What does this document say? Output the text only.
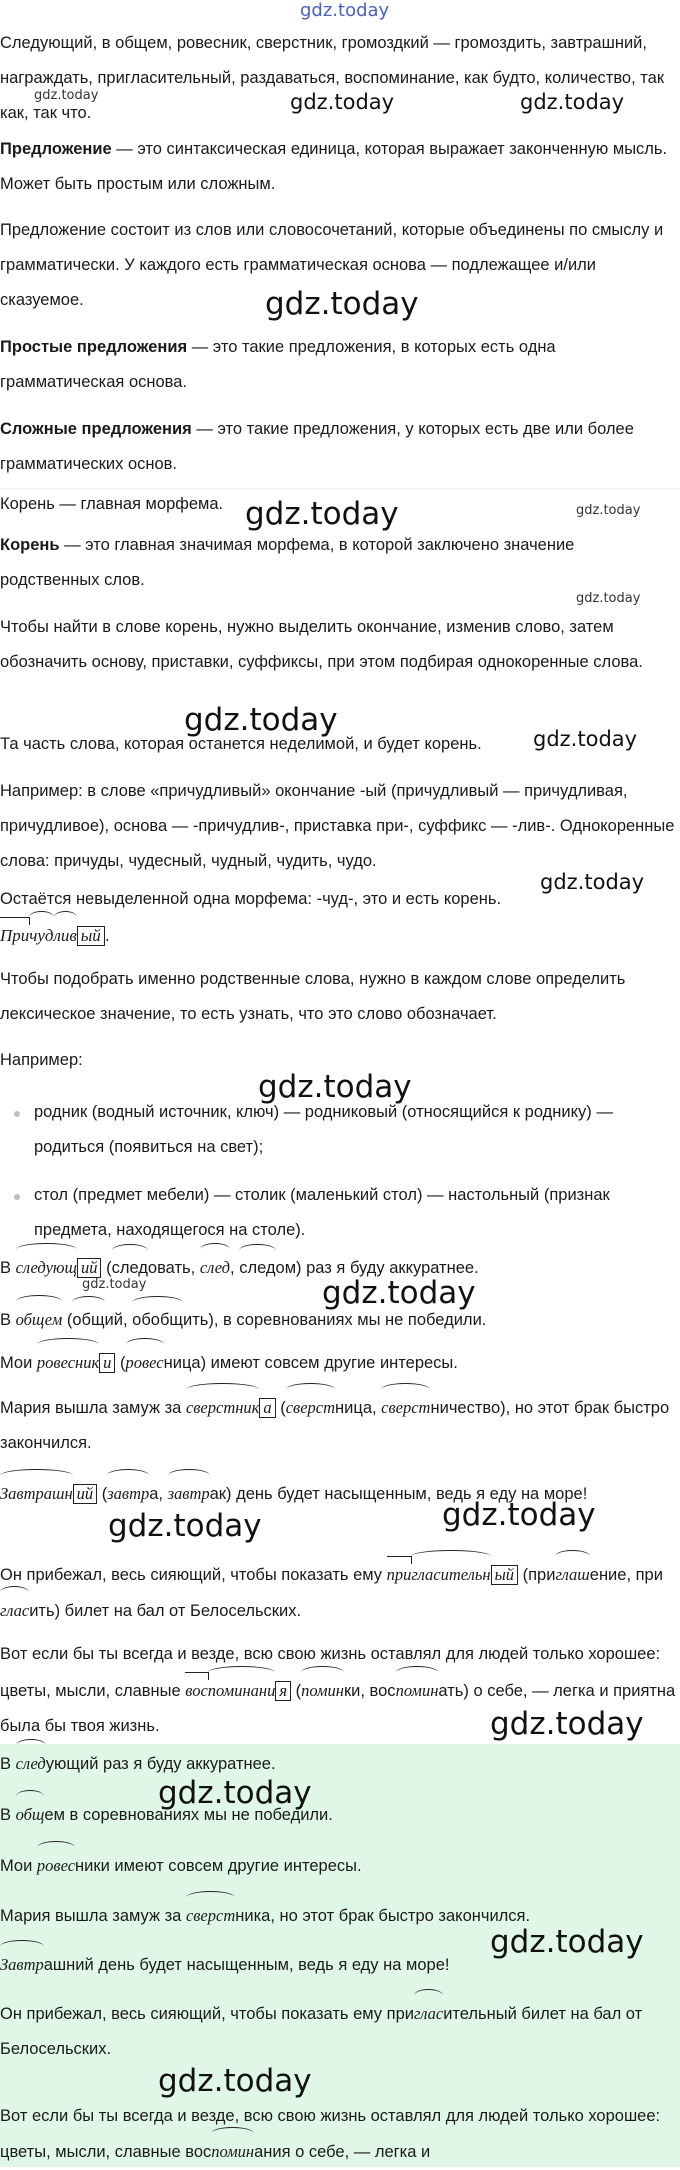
gdz.today

Следующий, в общем, ровесник, сверстник, громоздкий — громоздить, завтрашний, награждать, пригласительный, раздаваться, воспоминание, как будто, количество, так как, так что.

Предложение — это синтаксическая единица, которая выражает законченную мысль. Может быть простым или сложным.

Предложение состоит из слов или словосочетаний, которые объединены по смыслу и грамматически. У каждого есть грамматическая основа — подлежащее и/или сказуемое.

Простые предложения — это такие предложения, в которых есть одна грамматическая основа.

Сложные предложения — это такие предложения, у которых есть две или более грамматических основ.

Корень — главная морфема.

Корень — это главная значимая морфема, в которой заключено значение родственных слов.

Чтобы найти в слове корень, нужно выделить окончание, изменив слово, затем обозначить основу, приставки, суффиксы, при этом подбирая однокоренные слова.

Та часть слова, которая останется неделимой, и будет корень.

Например: в слове «причудливый» окончание -ый (причудливый — причудливая, причудливое), основа — -причудлив-, приставка при-, суффикс — -лив-. Однокоренные слова: причуды, чудесный, чудный, чудить, чудо.

Остаётся невыделенной одна морфема: -чуд-, это и есть корень.

Причудлив ый .

Чтобы подобрать именно родственные слова, нужно в каждом слове определить лексическое значение, то есть узнать, что это слово обозначает.

Например:

родник (водный источник, ключ) — родниковый (относящийся к роднику) — родиться (появиться на свет);

стол (предмет мебели) — столик (маленький стол) — настольный (признак предмета, находящегося на столе).

В следующ ий (следовать, след, следом) раз я буду аккуратнее.

В общем (общий, обобщить), в соревнованиях мы не победили.

Мои ровесник и (ровесница) имеют совсем другие интересы.

Мария вышла замуж за сверстник а (сверстница, сверстничество), но этот брак быстро закончился.

Завтрашн ий (завтра, завтрак) день будет насыщенным, ведь я еду на море!

Он прибежал, весь сияющий, чтобы показать ему пригласительн ый (приглашение, пригласить) билет на бал от Белосельских.

Вот если бы ты всегда и везде, всю свою жизнь оставлял для людей только хорошее: цветы, мысли, славные воспоминани я (поминки, воспоминать) о себе, — легка и приятна была бы твоя жизнь.

В следующий раз я буду аккуратнее.

В общем в соревнованиях мы не победили.

Мои ровесники имеют совсем другие интересы.

Мария вышла замуж за сверстника, но этот брак быстро закончился.

Завтрашний день будет насыщенным, ведь я еду на море!

Он прибежал, весь сияющий, чтобы показать ему пригласительный билет на бал от Белосельских.

Вот если бы ты всегда и везде, всю свою жизнь оставлял для людей только хорошее: цветы, мысли, славные воспоминания о себе, — легка и

gdz.today	gdz.today	gdz.today
gdz.today
gdz.today	gdz.today
gdz.today
gdz.today
gdz.today
gdz.today
gdz.today
gdz.today	gdz.today
gdz.today	gdz.today
gdz.today
gdz.today
gdz.today
gdz.today
